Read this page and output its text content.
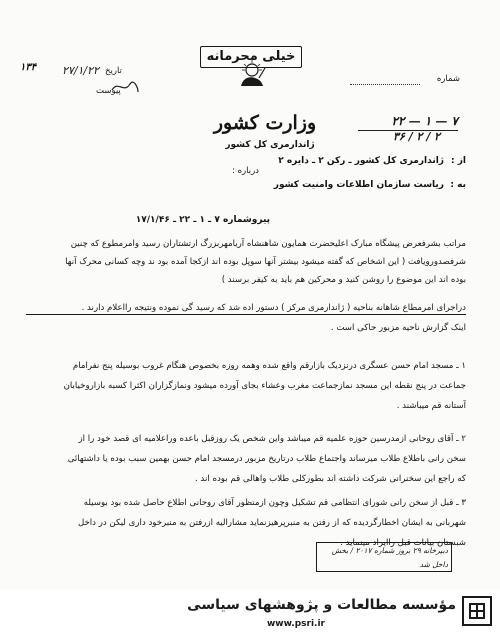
تاریخ
۲۷/۱/۲۲
۱۳۴
پیوست
شماره
خیلی محرمانه
وزارت کشور
ژاندارمری کل کشور
۲۲ — ۱ — ۷
۳۶ / ۲ / ۲
از :
ژاندارمری کل کشور ـ رکن ۲ ـ دایره ۲
درباره :
به :
ریاست سازمان اطلاعات وامنیت کشور
پیروشماره ۷ ـ ۱ ـ ۲۲ ـ ۱۷/۱/۴۶
مراتب بشرفعرض پیشگاه مبارک اعلیحضرت همایون شاهنشاه آریامهربزرگ ارتشتاران رسید وامرمطوع که چنین
شرفصدورویافت ( این اشخاص که گفته میشود بیشتر آنها سوپل بوده اند ازکجا آمده بود ند وچه کسانی محرک آنها
بوده اند این موضوع را روشن کنید و محرکین هم باید به کیفر برسند )
دراجرای امرمطاع شاهانه بناحیه ( ژاندارمری مرکز ) دستور اده شد که رسید گی نموده ونتیجه رااعلام دارند .
اینک گزارش ناحیه مزبور حاکی است .
۱ ـ مسجد امام حسن عسگری درنزدیک بازارقم واقع شده وهمه روزه بخصوص هنگام غروب بوسیله پنج نفرامام
جماعت در پنج نقطه این مسجد نمازجماعت مغرب وعشاء بجای آورده میشود ونمازگزاران اکثرا کسبه بازاروخیابان
آستانه قم میباشند .
۲ ـ آقای روحانی ازمدرسین حوزه علمیه قم میباشد واین شخص یک روزقبل باعده وراعلامیه ای قصد خود را از
سخن رانی باطلاع طلاب میرساند واجتماع طلاب درتاریخ مزبور درمسجد امام حسن بهمین سبب بوده یا داشتهائی
که راجع این سخنرانی شرکت داشته اند بطورکلی طلاب واهالی قم بوده اند .
۳ ـ قبل از سخن رانی شورای انتظامی قم تشکیل وچون ازمنظور آقای روحانی اطلاع حاصل شده بود بوسیله
شهربانی به ایشان اخطارگردیده که از رفتن به منبرپرهیزنماید مشارالیه ازرفتن به منبرخود داری لیکن در داخل
شبستان بیانات قبل راایراد مینماید .
دبیرخانه ۲۹ بروز شماره ۲۰۱۷ / بخش داخل شد
مؤسسه مطالعات و پژوهشهای سیاسی
www.psri.ir
